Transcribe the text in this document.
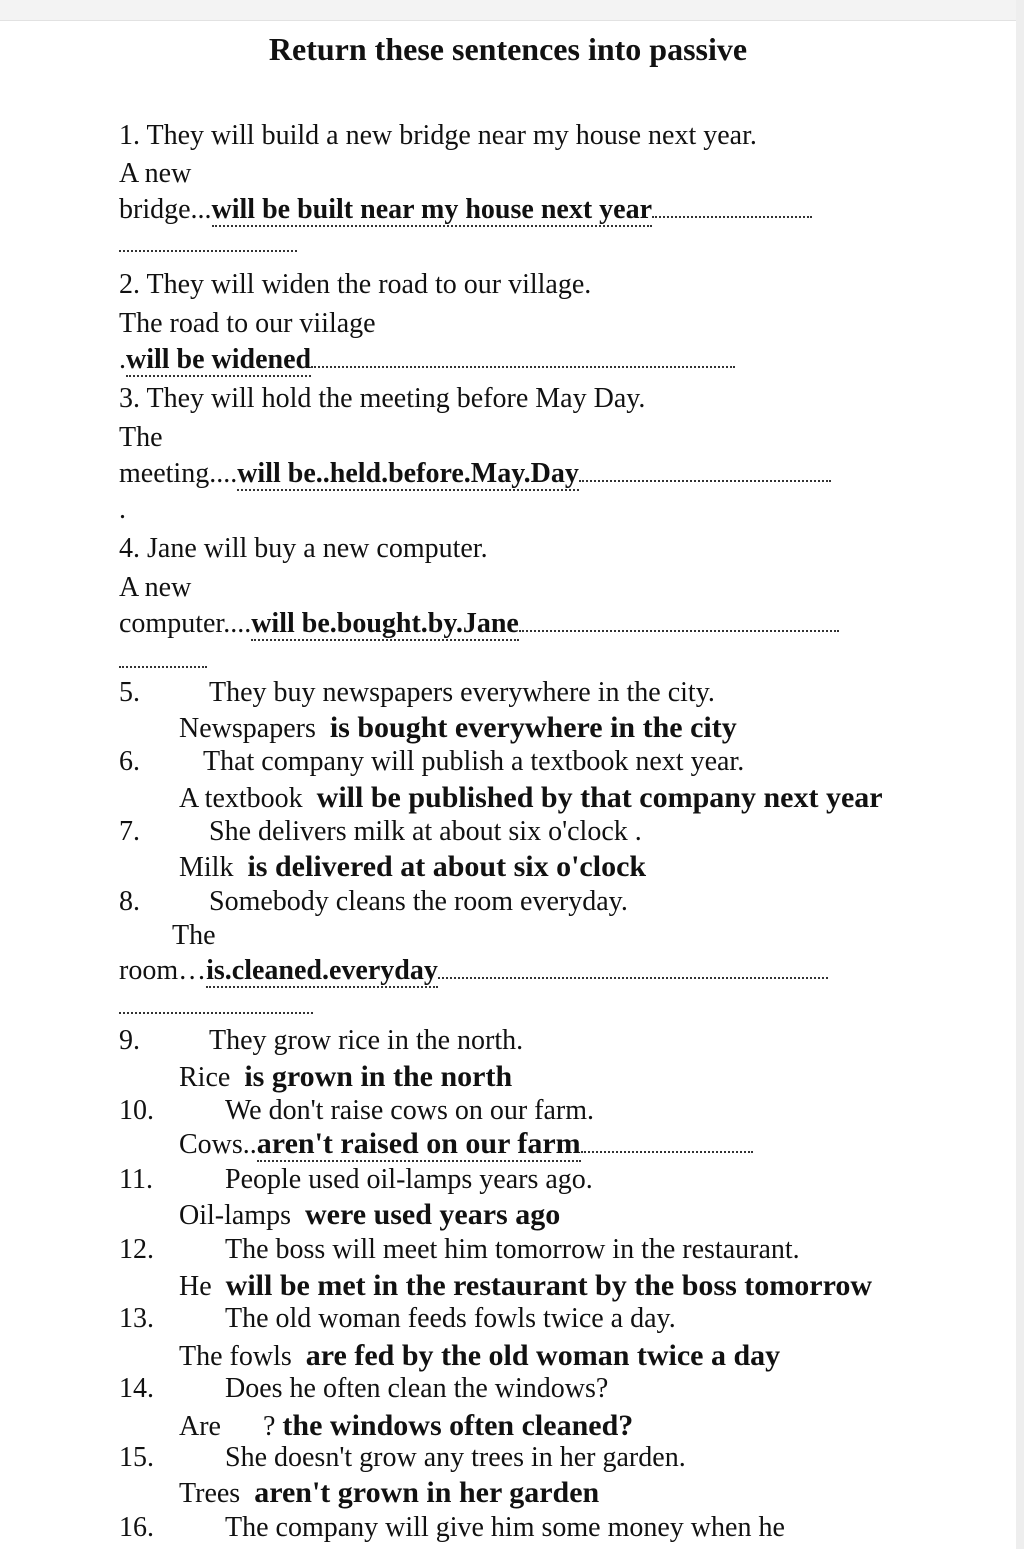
Return these sentences into passive
1. They will build a new bridge near my house next year.
A new
bridge...will be built near my house next year
2. They will widen the road to our village.
The road to our viilage
.will be widened
3. They will hold the meeting before May Day.
The
meeting....will be..held.before.May.Day
.
4. Jane will buy a new computer.
A new
computer....will be.bought.by.Jane
5. They buy newspapers everywhere in the city.
Newspapers is bought everywhere in the city
6. That company will publish a textbook next year.
A textbook will be published by that company next year
7. She delivers milk at about six o'clock .
Milk is delivered at about six o'clock
8. Somebody cleans the room everyday.
The
room…is.cleaned.everyday
9. They grow rice in the north.
Rice is grown in the north
10.	We don't raise cows on our farm.
Cows..aren't raised on our farm
11.	People used oil-lamps years ago.
Oil-lamps were used years ago
12.	The boss will meet him tomorrow in the restaurant.
He will be met in the restaurant by the boss tomorrow
13.	The old woman feeds fowls twice a day.
The fowls are fed by the old woman twice a day
14.	Does he often clean the windows?
Are ? the windows often cleaned?
15.	She doesn't grow any trees in her garden.
Trees aren't grown in her garden
16.	The company will give him some money when he
